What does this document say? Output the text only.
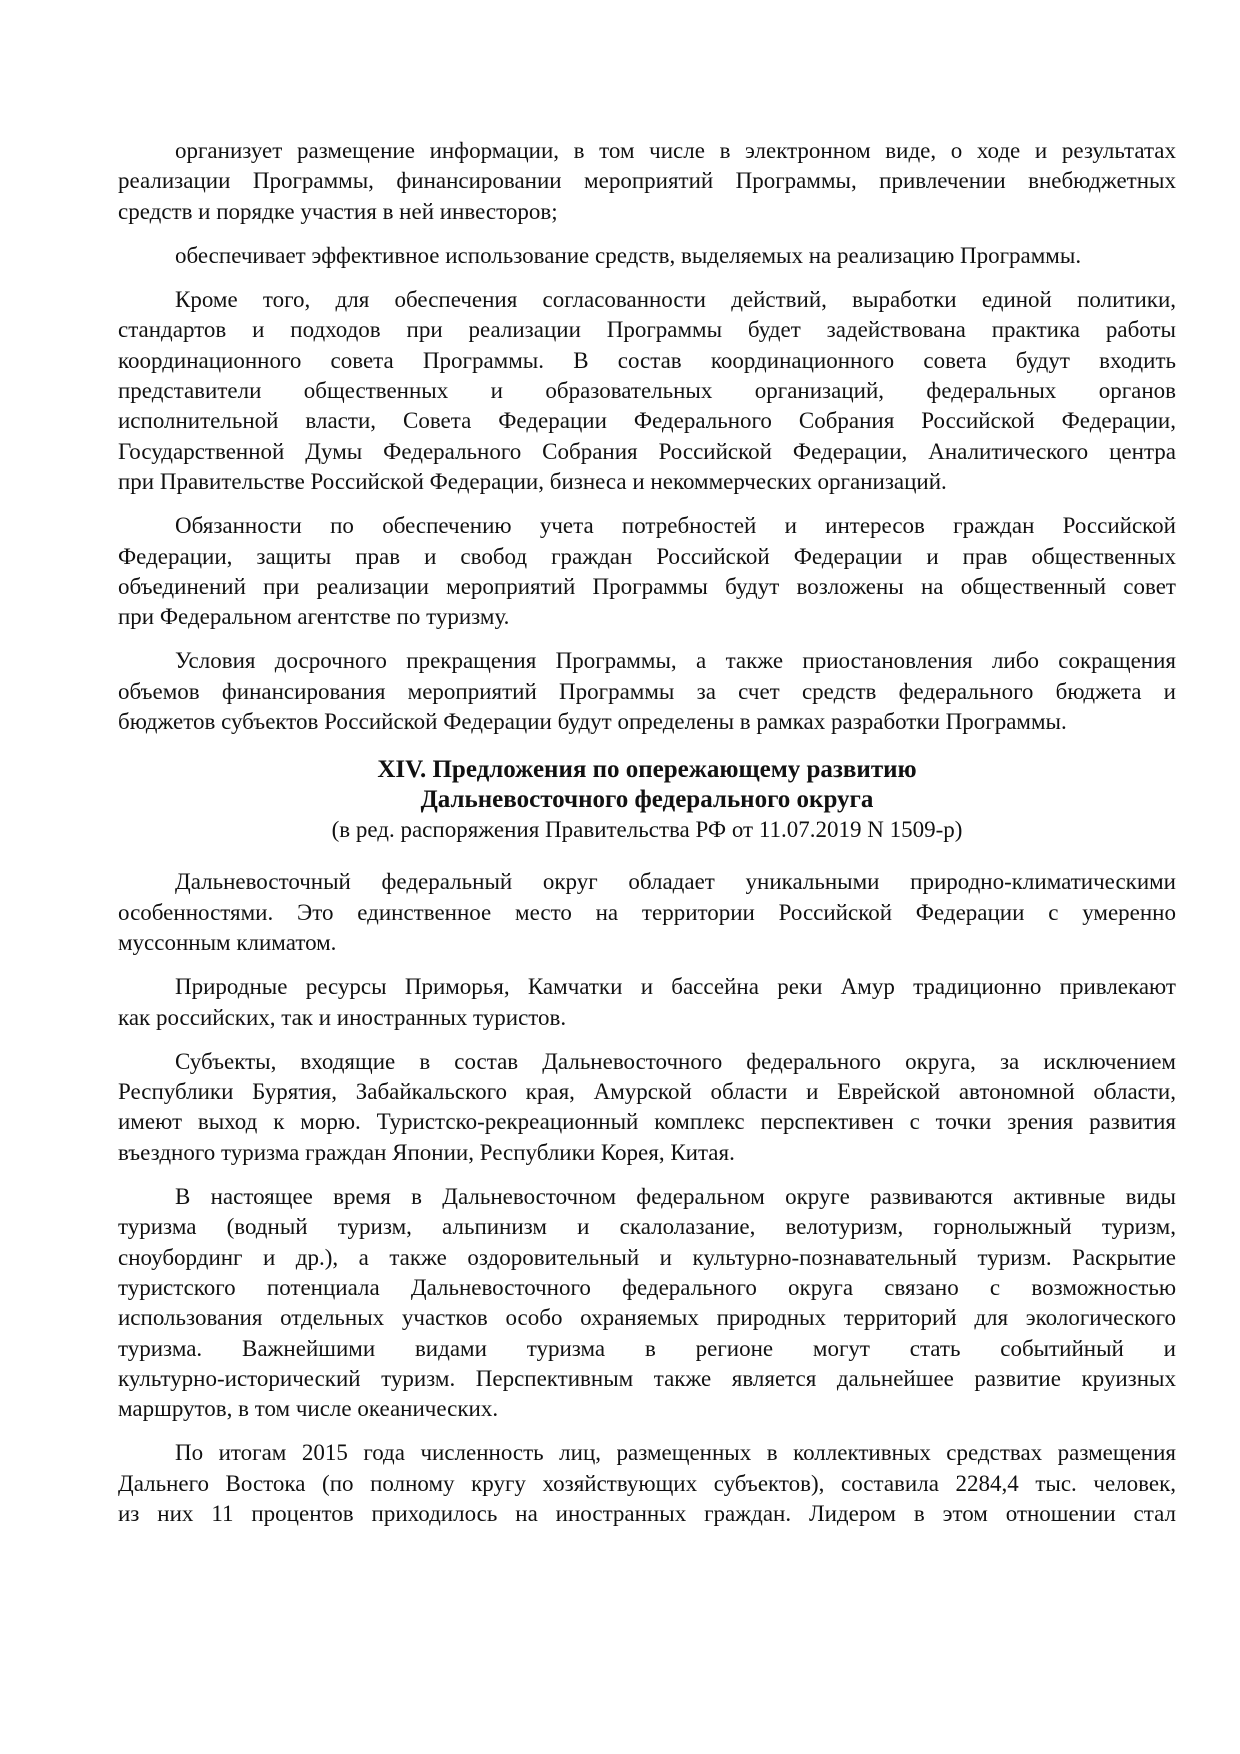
организует размещение информации, в том числе в электронном виде, о ходе и результатах
реализации Программы, финансировании мероприятий Программы, привлечении внебюджетных
средств и порядке участия в ней инвесторов;
обеспечивает эффективное использование средств, выделяемых на реализацию Программы.
Кроме того, для обеспечения согласованности действий, выработки единой политики,
стандартов и подходов при реализации Программы будет задействована практика работы
координационного совета Программы. В состав координационного совета будут входить
представители общественных и образовательных организаций, федеральных органов
исполнительной власти, Совета Федерации Федерального Собрания Российской Федерации,
Государственной Думы Федерального Собрания Российской Федерации, Аналитического центра
при Правительстве Российской Федерации, бизнеса и некоммерческих организаций.
Обязанности по обеспечению учета потребностей и интересов граждан Российской
Федерации, защиты прав и свобод граждан Российской Федерации и прав общественных
объединений при реализации мероприятий Программы будут возложены на общественный совет
при Федеральном агентстве по туризму.
Условия досрочного прекращения Программы, а также приостановления либо сокращения
объемов финансирования мероприятий Программы за счет средств федерального бюджета и
бюджетов субъектов Российской Федерации будут определены в рамках разработки Программы.
XIV. Предложения по опережающему развитию
Дальневосточного федерального округа
(в ред. распоряжения Правительства РФ от 11.07.2019 N 1509-р)
Дальневосточный федеральный округ обладает уникальными природно-климатическими
особенностями. Это единственное место на территории Российской Федерации с умеренно
муссонным климатом.
Природные ресурсы Приморья, Камчатки и бассейна реки Амур традиционно привлекают
как российских, так и иностранных туристов.
Субъекты, входящие в состав Дальневосточного федерального округа, за исключением
Республики Бурятия, Забайкальского края, Амурской области и Еврейской автономной области,
имеют выход к морю. Туристско-рекреационный комплекс перспективен с точки зрения развития
въездного туризма граждан Японии, Республики Корея, Китая.
В настоящее время в Дальневосточном федеральном округе развиваются активные виды
туризма (водный туризм, альпинизм и скалолазание, велотуризм, горнолыжный туризм,
сноубординг и др.), а также оздоровительный и культурно-познавательный туризм. Раскрытие
туристского потенциала Дальневосточного федерального округа связано с возможностью
использования отдельных участков особо охраняемых природных территорий для экологического
туризма. Важнейшими видами туризма в регионе могут стать событийный и
культурно-исторический туризм. Перспективным также является дальнейшее развитие круизных
маршрутов, в том числе океанических.
По итогам 2015 года численность лиц, размещенных в коллективных средствах размещения
Дальнего Востока (по полному кругу хозяйствующих субъектов), составила 2284,4 тыс. человек,
из них 11 процентов приходилось на иностранных граждан. Лидером в этом отношении стал
